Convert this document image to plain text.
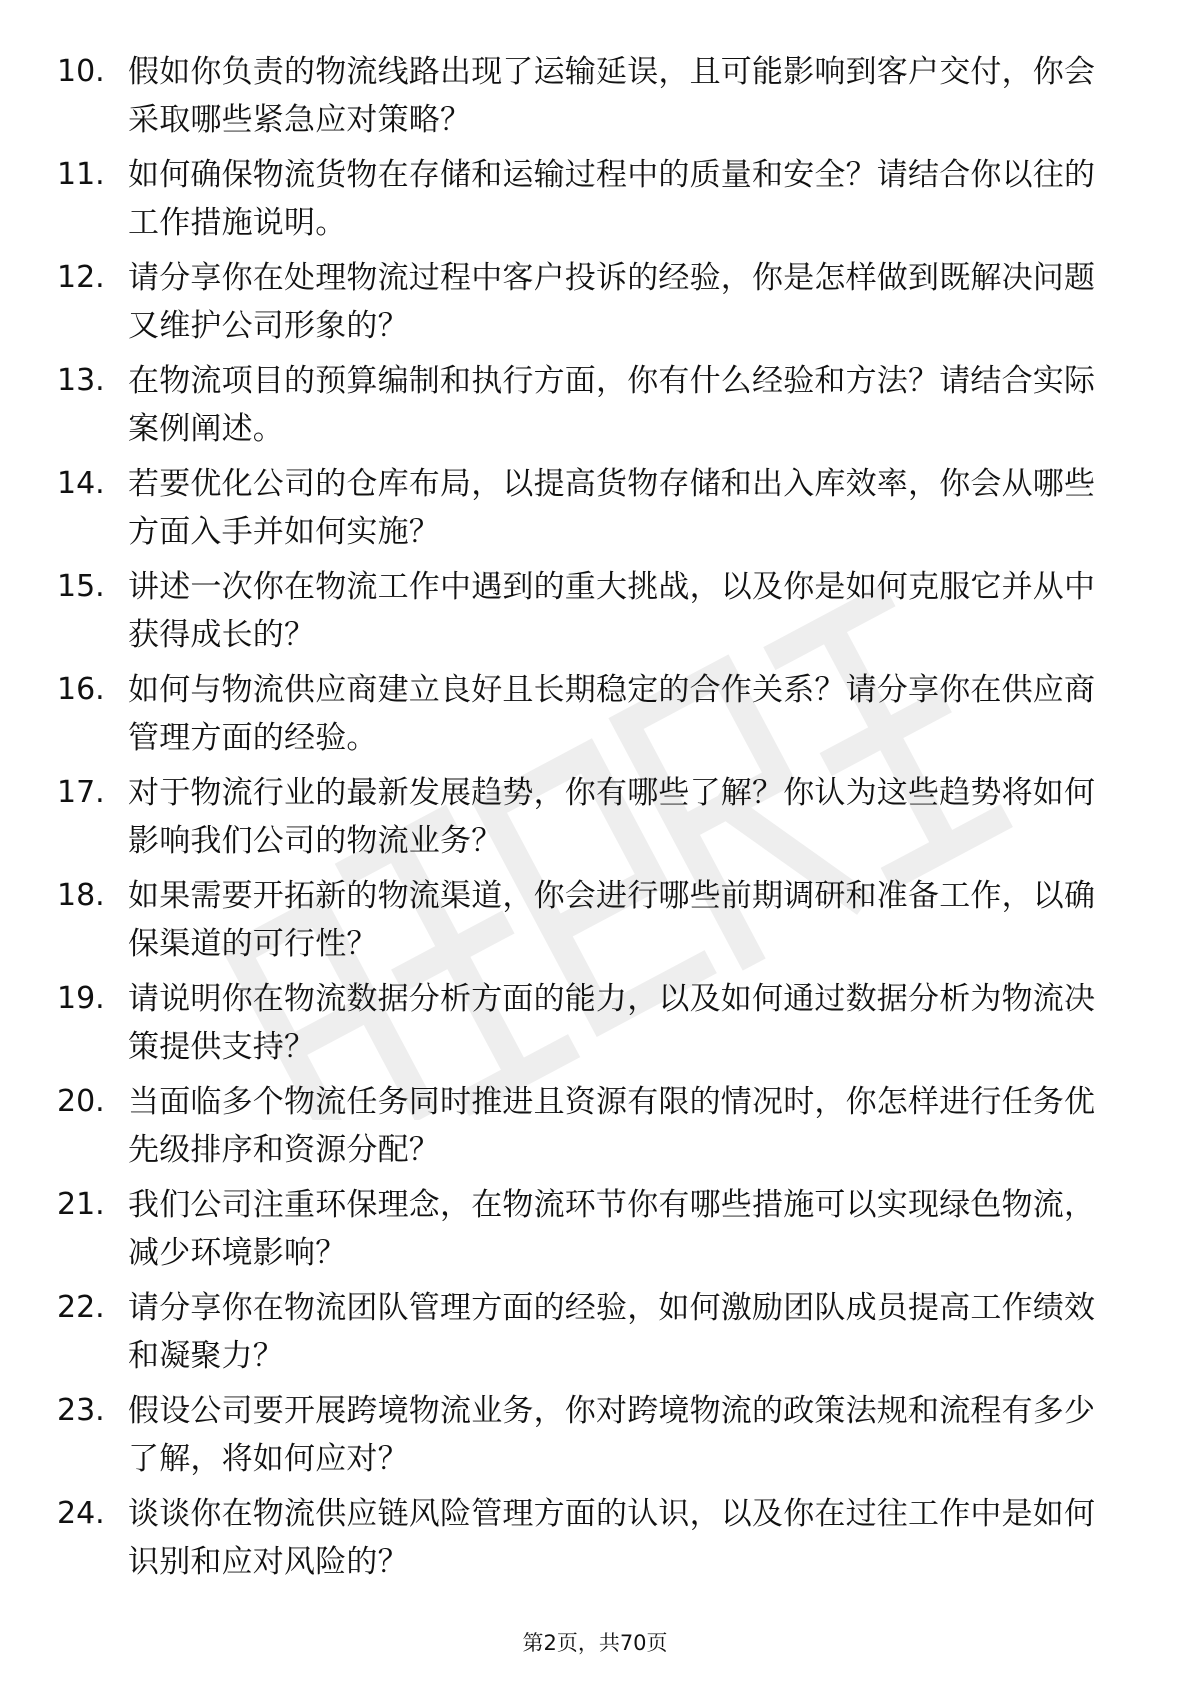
10. 假如你负责的物流线路出现了运输延误，且可能影响到客户交付，你会采取哪些紧急应对策略？
11. 如何确保物流货物在存储和运输过程中的质量和安全？请结合你以往的工作措施说明。
12. 请分享你在处理物流过程中客户投诉的经验，你是怎样做到既解决问题又维护公司形象的？
13. 在物流项目的预算编制和执行方面，你有什么经验和方法？请结合实际案例阐述。
14. 若要优化公司的仓库布局，以提高货物存储和出入库效率，你会从哪些方面入手并如何实施？
15. 讲述一次你在物流工作中遇到的重大挑战，以及你是如何克服它并从中获得成长的？
16. 如何与物流供应商建立良好且长期稳定的合作关系？请分享你在供应商管理方面的经验。
17. 对于物流行业的最新发展趋势，你有哪些了解？你认为这些趋势将如何影响我们公司的物流业务？
18. 如果需要开拓新的物流渠道，你会进行哪些前期调研和准备工作，以确保渠道的可行性？
19. 请说明你在物流数据分析方面的能力，以及如何通过数据分析为物流决策提供支持？
20. 当面临多个物流任务同时推进且资源有限的情况时，你怎样进行任务优先级排序和资源分配？
21. 我们公司注重环保理念，在物流环节你有哪些措施可以实现绿色物流，减少环境影响？
22. 请分享你在物流团队管理方面的经验，如何激励团队成员提高工作绩效和凝聚力？
23. 假设公司要开展跨境物流业务，你对跨境物流的政策法规和流程有多少了解，将如何应对？
24. 谈谈你在物流供应链风险管理方面的认识，以及你在过往工作中是如何识别和应对风险的？
第2页，共70页
